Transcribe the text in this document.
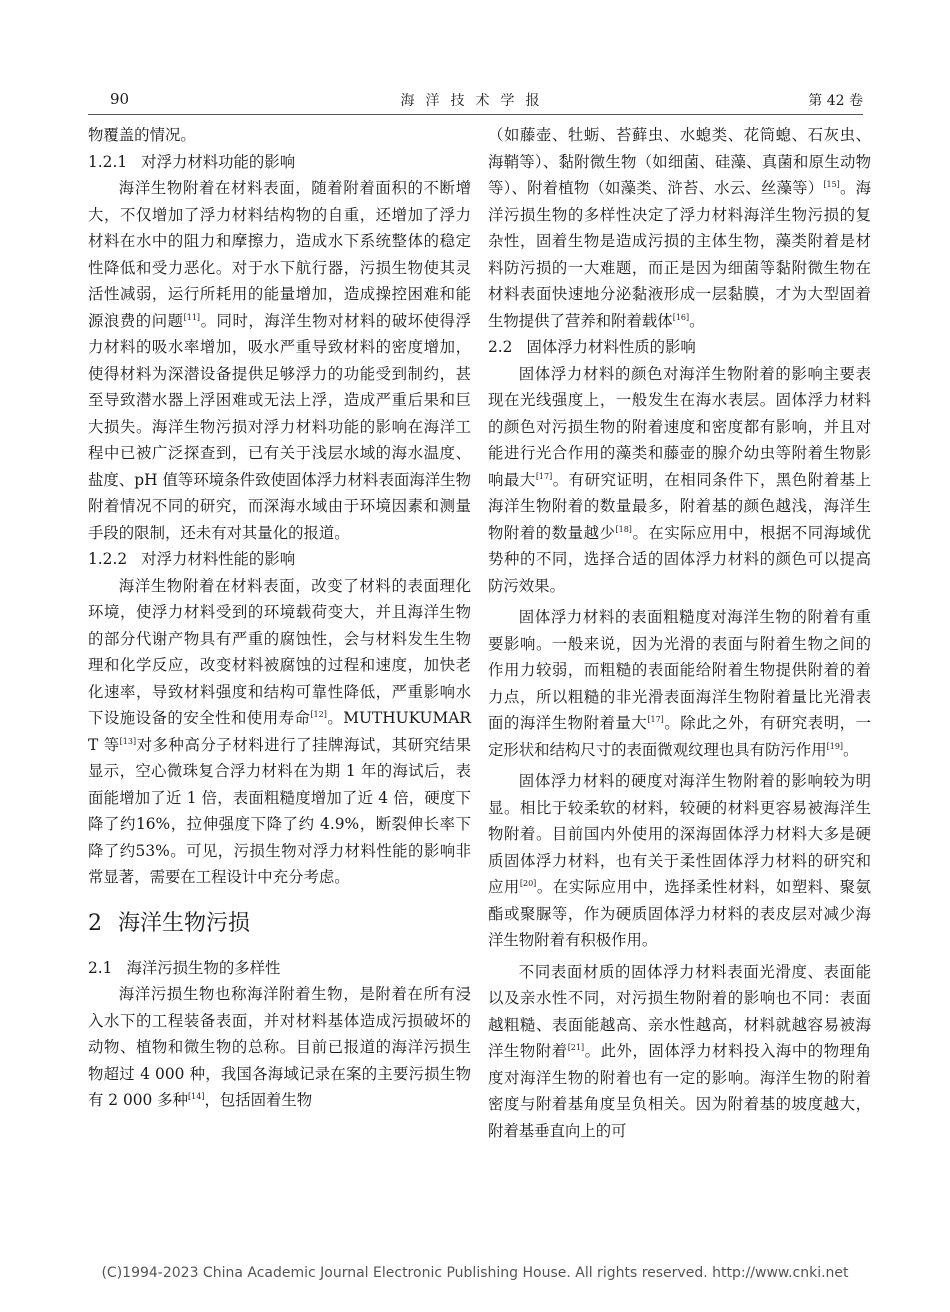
90	海洋技术学报	第 42 卷

物覆盖的情况。

1.2.1 对浮力材料功能的影响

海洋生物附着在材料表面，随着附着面积的不断增大，不仅增加了浮力材料结构物的自重，还增加了浮力材料在水中的阻力和摩擦力，造成水下系统整体的稳定性降低和受力恶化。对于水下航行器，污损生物使其灵活性减弱，运行所耗用的能量增加，造成操控困难和能源浪费的问题[11]。同时，海洋生物对材料的破坏使得浮力材料的吸水率增加，吸水严重导致材料的密度增加，使得材料为深潜设备提供足够浮力的功能受到制约，甚至导致潜水器上浮困难或无法上浮，造成严重后果和巨大损失。海洋生物污损对浮力材料功能的影响在海洋工程中已被广泛探查到，已有关于浅层水域的海水温度、盐度、pH 值等环境条件致使固体浮力材料表面海洋生物附着情况不同的研究，而深海水域由于环境因素和测量手段的限制，还未有对其量化的报道。

1.2.2 对浮力材料性能的影响

海洋生物附着在材料表面，改变了材料的表面理化环境，使浮力材料受到的环境载荷变大，并且海洋生物的部分代谢产物具有严重的腐蚀性，会与材料发生生物理和化学反应，改变材料被腐蚀的过程和速度，加快老化速率，导致材料强度和结构可靠性降低，严重影响水下设施设备的安全性和使用寿命[12]。MUTHUKUMAR T 等[13]对多种高分子材料进行了挂牌海试，其研究结果显示，空心微珠复合浮力材料在为期 1 年的海试后，表面能增加了近 1 倍，表面粗糙度增加了近 4 倍，硬度下降了约16%，拉伸强度下降了约 4.9%，断裂伸长率下降了约53%。可见，污损生物对浮力材料性能的影响非常显著，需要在工程设计中充分考虑。

2 海洋生物污损
2.1 海洋污损生物的多样性

海洋污损生物也称海洋附着生物，是附着在所有浸入水下的工程装备表面，并对材料基体造成污损破坏的动物、植物和微生物的总称。目前已报道的海洋污损生物超过 4 000 种，我国各海域记录在案的主要污损生物有 2 000 多种[14]，包括固着生物

（如藤壶、牡蛎、苔藓虫、水螅类、花筒螅、石灰虫、海鞘等）、黏附微生物（如细菌、硅藻、真菌和原生动物等）、附着植物（如藻类、浒苔、水云、丝藻等）[15]。海洋污损生物的多样性决定了浮力材料海洋生物污损的复杂性，固着生物是造成污损的主体生物，藻类附着是材料防污损的一大难题，而正是因为细菌等黏附微生物在材料表面快速地分泌黏液形成一层黏膜，才为大型固着生物提供了营养和附着载体[16]。

2.2 固体浮力材料性质的影响

固体浮力材料的颜色对海洋生物附着的影响主要表现在光线强度上，一般发生在海水表层。固体浮力材料的颜色对污损生物的附着速度和密度都有影响，并且对能进行光合作用的藻类和藤壶的腺介幼虫等附着生物影响最大[17]。有研究证明，在相同条件下，黑色附着基上海洋生物附着的数量最多，附着基的颜色越浅，海洋生物附着的数量越少[18]。在实际应用中，根据不同海域优势种的不同，选择合适的固体浮力材料的颜色可以提高防污效果。

固体浮力材料的表面粗糙度对海洋生物的附着有重要影响。一般来说，因为光滑的表面与附着生物之间的作用力较弱，而粗糙的表面能给附着生物提供附着的着力点，所以粗糙的非光滑表面海洋生物附着量比光滑表面的海洋生物附着量大[17]。除此之外，有研究表明，一定形状和结构尺寸的表面微观纹理也具有防污作用[19]。

固体浮力材料的硬度对海洋生物附着的影响较为明显。相比于较柔软的材料，较硬的材料更容易被海洋生物附着。目前国内外使用的深海固体浮力材料大多是硬质固体浮力材料，也有关于柔性固体浮力材料的研究和应用[20]。在实际应用中，选择柔性材料，如塑料、聚氨酯或聚脲等，作为硬质固体浮力材料的表皮层对减少海洋生物附着有积极作用。

不同表面材质的固体浮力材料表面光滑度、表面能以及亲水性不同，对污损生物附着的影响也不同：表面越粗糙、表面能越高、亲水性越高，材料就越容易被海洋生物附着[21]。此外，固体浮力材料投入海中的物理角度对海洋生物的附着也有一定的影响。海洋生物的附着密度与附着基角度呈负相关。因为附着基的坡度越大，附着基垂直向上的可

(C)1994-2023 China Academic Journal Electronic Publishing House. All rights reserved. http://www.cnki.net
